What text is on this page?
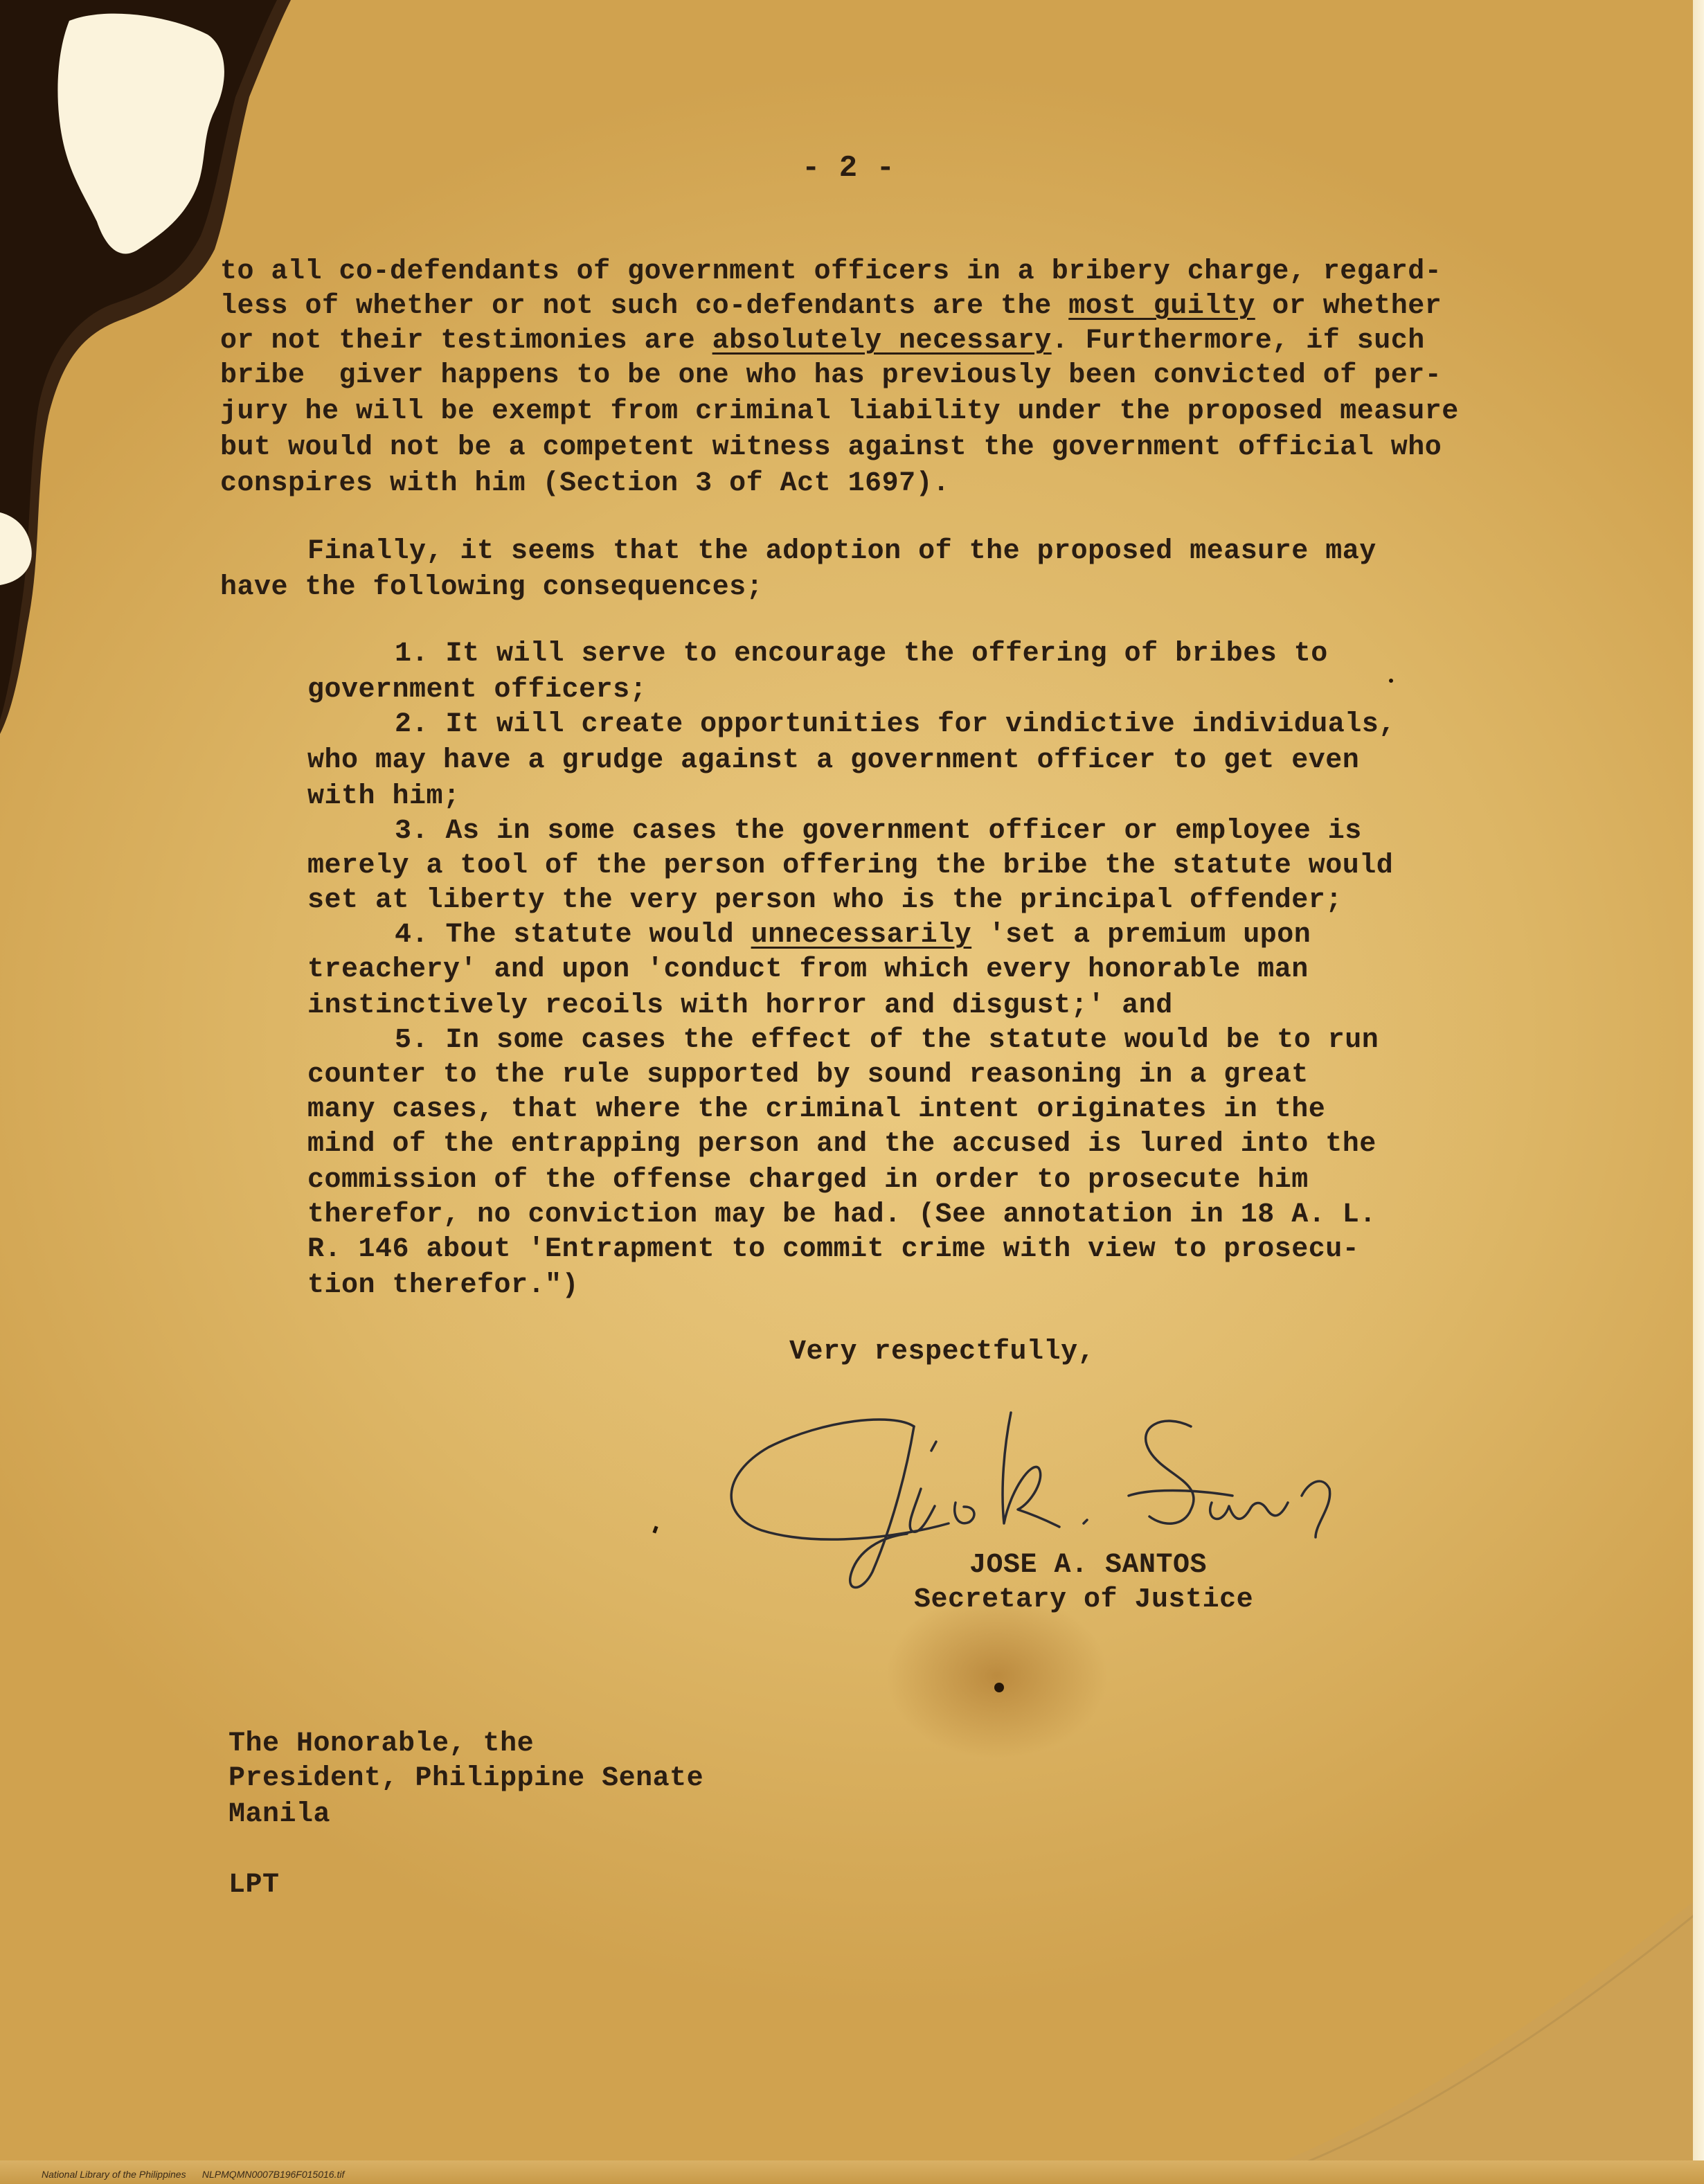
- 2 -
to all co-defendants of government officers in a bribery charge, regard-
less of whether or not such co-defendants are the most guilty or whether
or not their testimonies are absolutely necessary. Furthermore, if such
bribe  giver happens to be one who has previously been convicted of per-
jury he will be exempt from criminal liability under the proposed measure
but would not be a competent witness against the government official who
conspires with him (Section 3 of Act 1697).
Finally, it seems that the adoption of the proposed measure may
have the following consequences;
1. It will serve to encourage the offering of bribes to
government officers;
2. It will create opportunities for vindictive individuals,
who may have a grudge against a government officer to get even
with him;
3. As in some cases the government officer or employee is
merely a tool of the person offering the bribe the statute would
set at liberty the very person who is the principal offender;
4. The statute would unnecessarily 'set a premium upon
treachery' and upon 'conduct from which every honorable man
instinctively recoils with horror and disgust;' and
5. In some cases the effect of the statute would be to run
counter to the rule supported by sound reasoning in a great
many cases, that where the criminal intent originates in the
mind of the entrapping person and the accused is lured into the
commission of the offense charged in order to prosecute him
therefor, no conviction may be had. (See annotation in 18 A. L.
R. 146 about 'Entrapment to commit crime with view to prosecu-
tion therefor.")
Very respectfully,
JOSE A. SANTOS
Secretary of Justice
The Honorable, the
President, Philippine Senate
Manila
LPT
National Library of the Philippines      NLPMQMN0007B196F015016.tif
